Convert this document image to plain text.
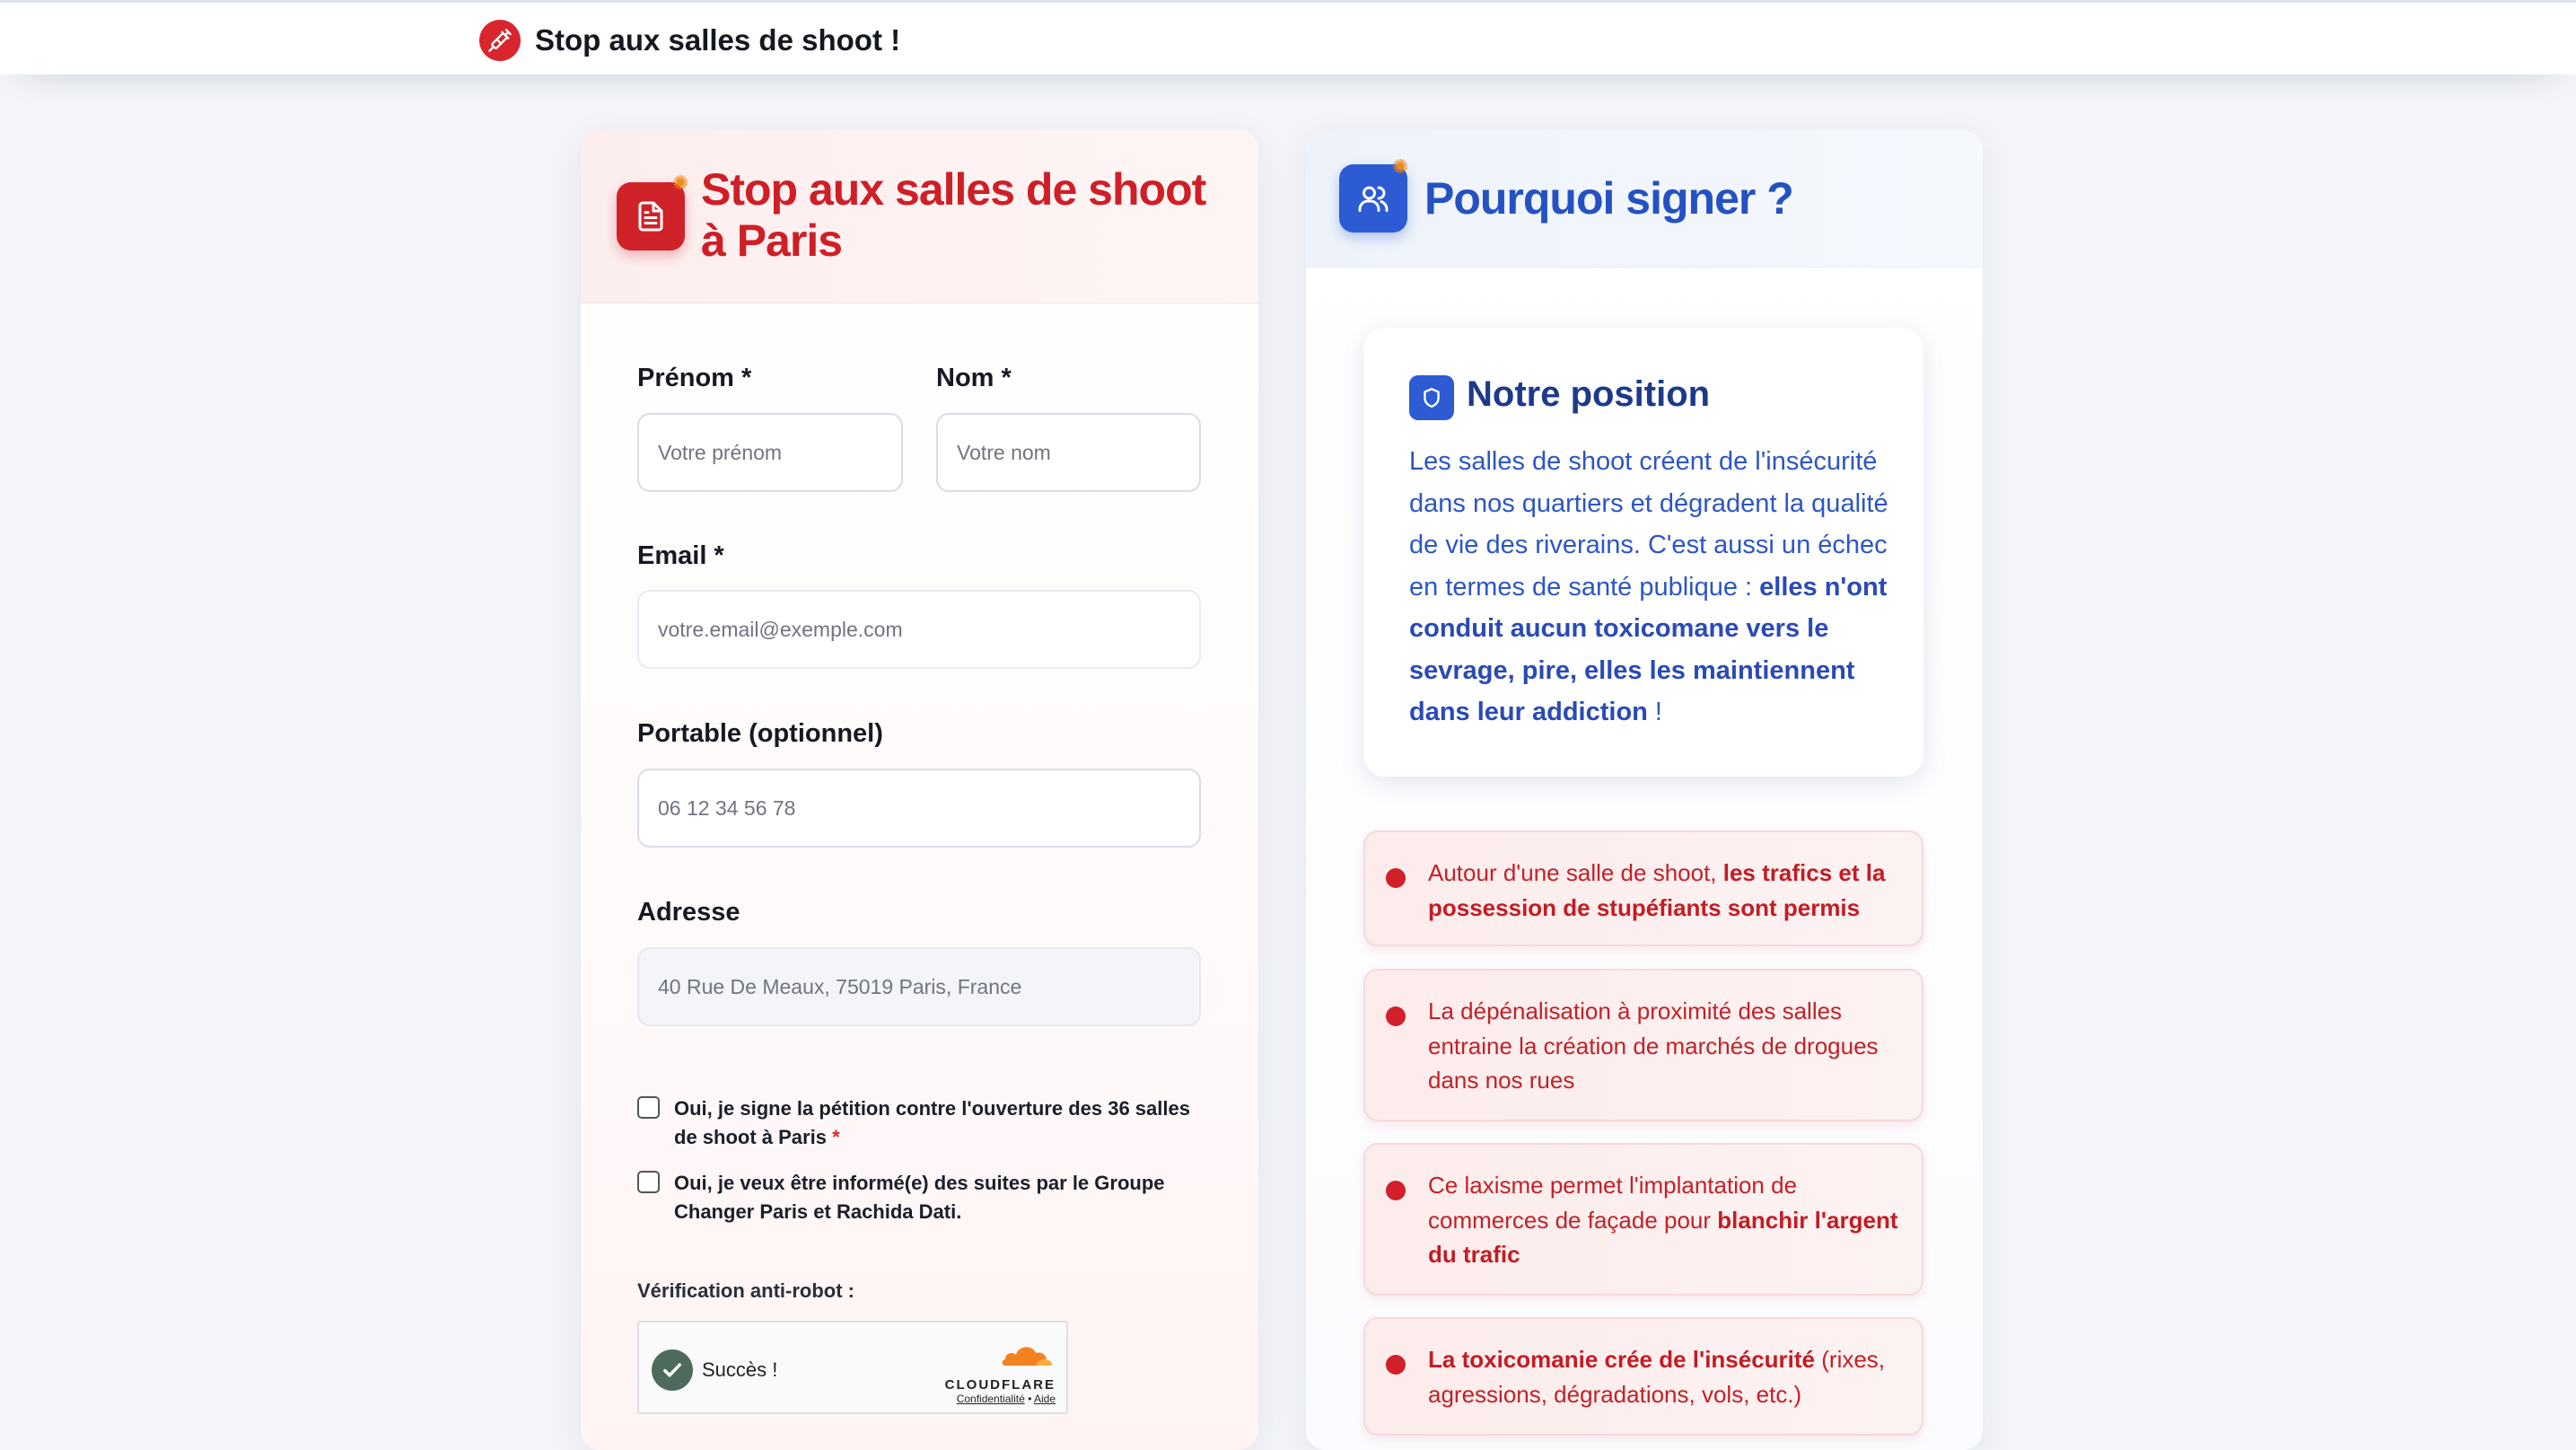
Stop aux salles de shoot !
✺ Stop aux salles de shoot à Paris
Prénom *
Votre prénom	Nom *
Votre nom
Email *
votre.email@exemple.com
Portable (optionnel)
06 12 34 56 78
Adresse
40 Rue De Meaux, 75019 Paris, France
Oui, je signe la pétition contre l'ouverture des 36 salles de shoot à Paris *
Oui, je veux être informé(e) des suites par le Groupe Changer Paris et Rachida Dati.
Vérification anti-robot :
Succès !
CLOUDFLARE
Confidentialité • Aide
✺
Pourquoi signer ?
Notre position
Les salles de shoot créent de l'insécurité dans nos quartiers et dégradent la qualité de vie des riverains. C'est aussi un échec en termes de santé publique : elles n'ont conduit aucun toxicomane vers le sevrage, pire, elles les maintiennent dans leur addiction !
Autour d'une salle de shoot, les trafics et la possession de stupéfiants sont permis
La dépénalisation à proximité des salles entraine la création de marchés de drogues dans nos rues
Ce laxisme permet l'implantation de commerces de façade pour blanchir l'argent du trafic
La toxicomanie crée de l'insécurité (rixes, agressions, dégradations, vols, etc.)
